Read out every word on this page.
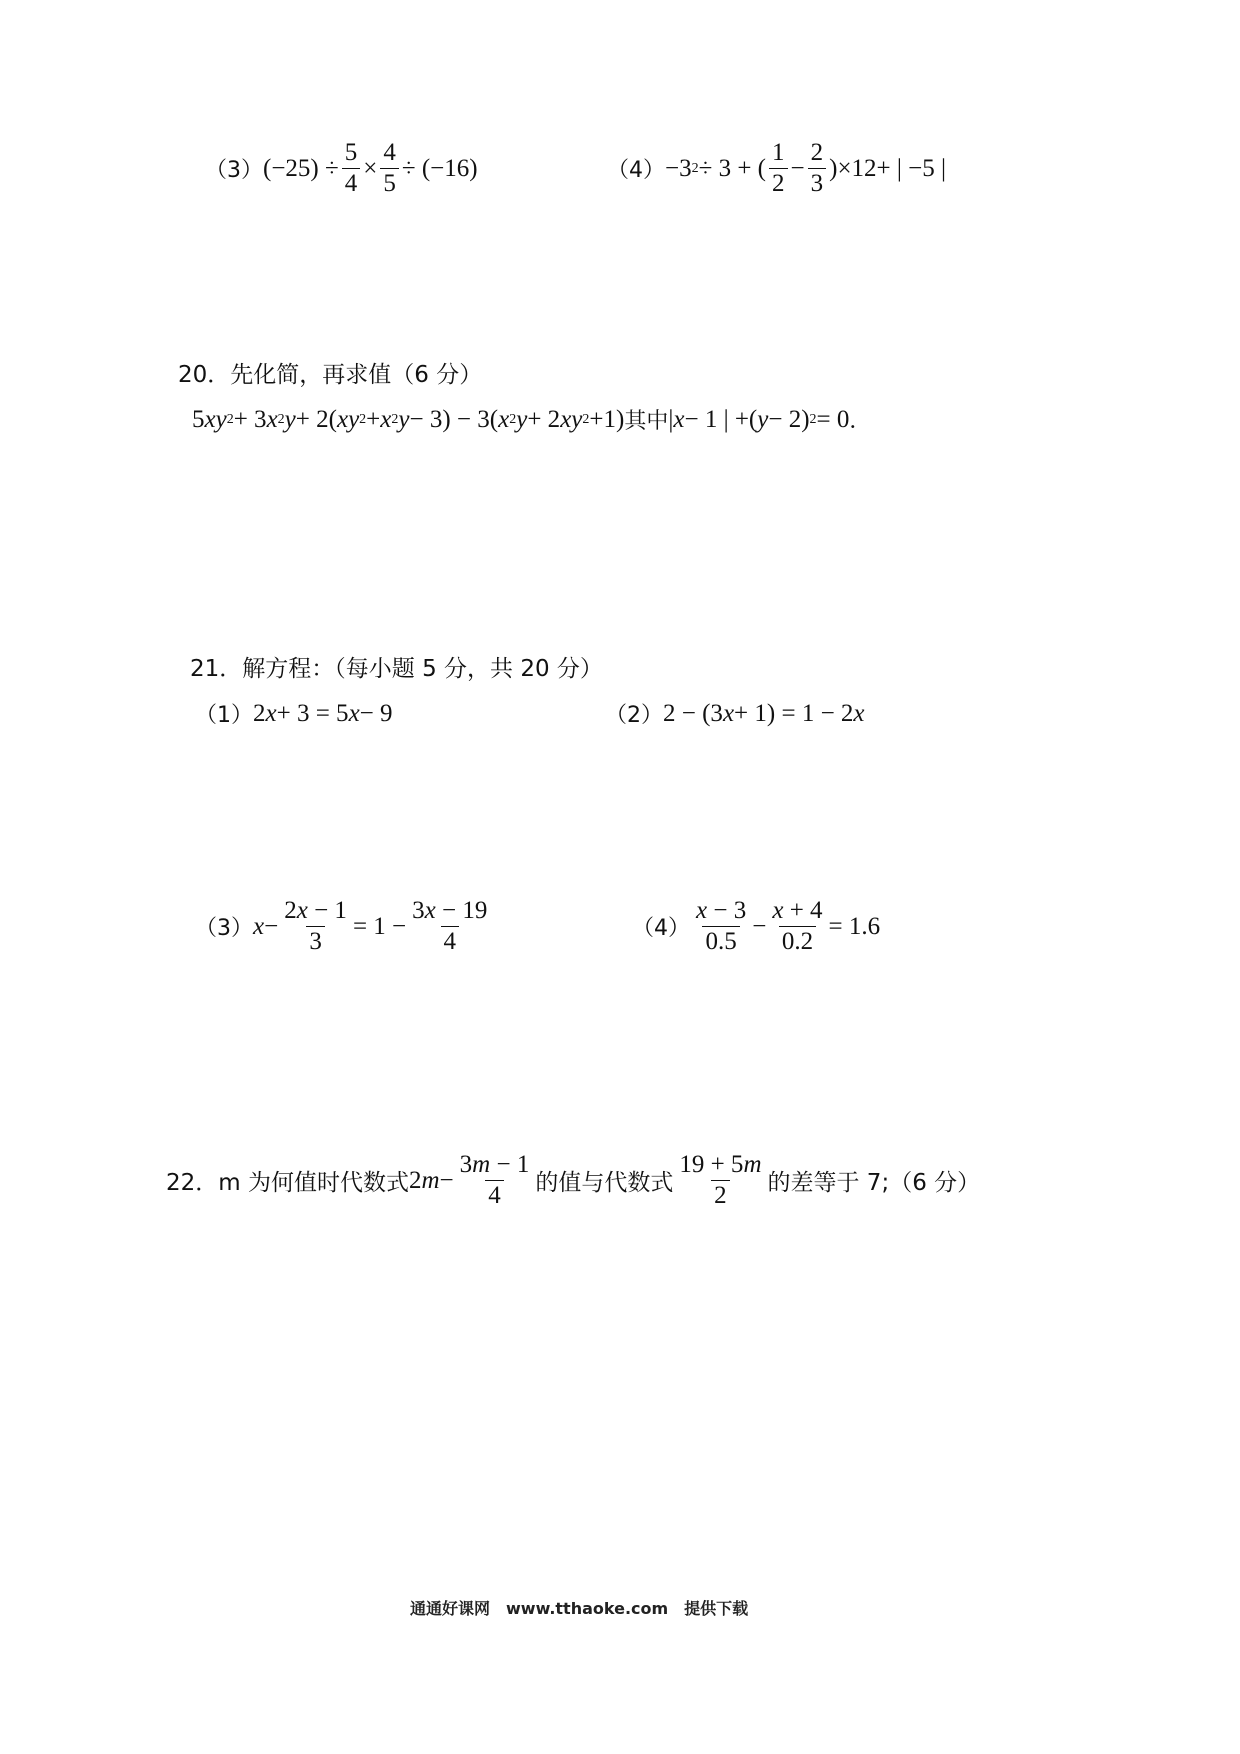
（3） $(-25) \div \frac{5}{4} \times \frac{4}{5} \div (-16)$	（4） −3 2 ÷ 3 + ( $\frac{1}{2} - \frac{2}{3} )\times 12+$ | −5 |
20．先化简，再求值（6 分）
5 xy 2 + 3 x 2 y + 2( xy 2 + x 2 y − 3) − 3( x 2 y + 2 xy 2 +1) 其中 | x − 1 | +( y − 2) 2 = 0 ．
21．解方程：（每小题 5 分，共 20 分）
（1） 2 x + 3 = 5 x − 9	（2） 2 − (3 x + 1) = 1 − 2 x
（3） $x - \frac{2x - 1}{3} = 1 - \frac{3x - 19}{4}$	$(4) \frac{x - 3}{0.5} - \frac{x + 4}{0.2} = 1.6$
22．m 为何值时代数式 2 $m - \frac{3m - 1}{4}$ 的值与代数式 $\frac{19 + 5m}{2}$ 的差等于 7;（6 分）
通通好课网　www.tthaoke.com　提供下载
